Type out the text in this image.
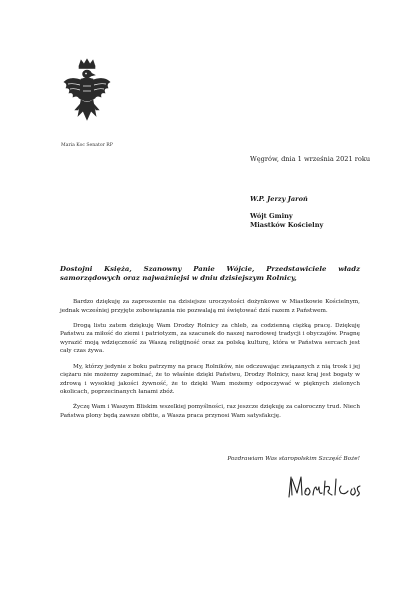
Maria Koc Senator RP
Węgrów, dnia 1 września 2021 roku
W.P. Jerzy Jaroń
Wójt Gminy
Miastków Kościelny
Dostojni Księża, Szanowny Panie Wójcie, Przedstawiciele władz samorządowych oraz najważniejsi w dniu dzisiejszym Rolnicy,

Bardzo dziękuję za zaproszenie na dzisiejsze uroczystości dożynkowe w Miastkowie Kościelnym, jednak wcześniej przyjęte zobowiązania nie pozwalają mi świętować dziś razem z Państwem.

Drogą listu zatem dziękuję Wam Drodzy Rolnicy za chleb, za codzienną ciężką pracę. Dziękuję Państwu za miłość do ziemi i patriotyzm, za szacunek do naszej narodowej tradycji i obyczajów. Pragnę wyrazić moją wdzięczność za Waszą religijność oraz za polską kulturę, która w Państwa sercach jest cały czas żywa.

My, którzy jedynie z boku patrzymy na pracę Rolników, nie odczuwając związanych z nią trosk i jej ciężaru nie możemy zapominać, że to właśnie dzięki Państwu, Drodzy Rolnicy, nasz kraj jest bogaty w zdrową i wysokiej jakości żywność, że to dzięki Wam możemy odpoczywać w pięknych zielonych okolicach, poprzecinanych łanami zbóż.

Życzę Wam i Waszym Bliskim wszelkiej pomyślności, raz jeszcze dziękuję za całoroczny trud. Niech Państwa plony będą zawsze obfite, a Wasza praca przynosi Wam satysfakcję.

Pozdrawiam Was staropolskim Szczęść Boże!
